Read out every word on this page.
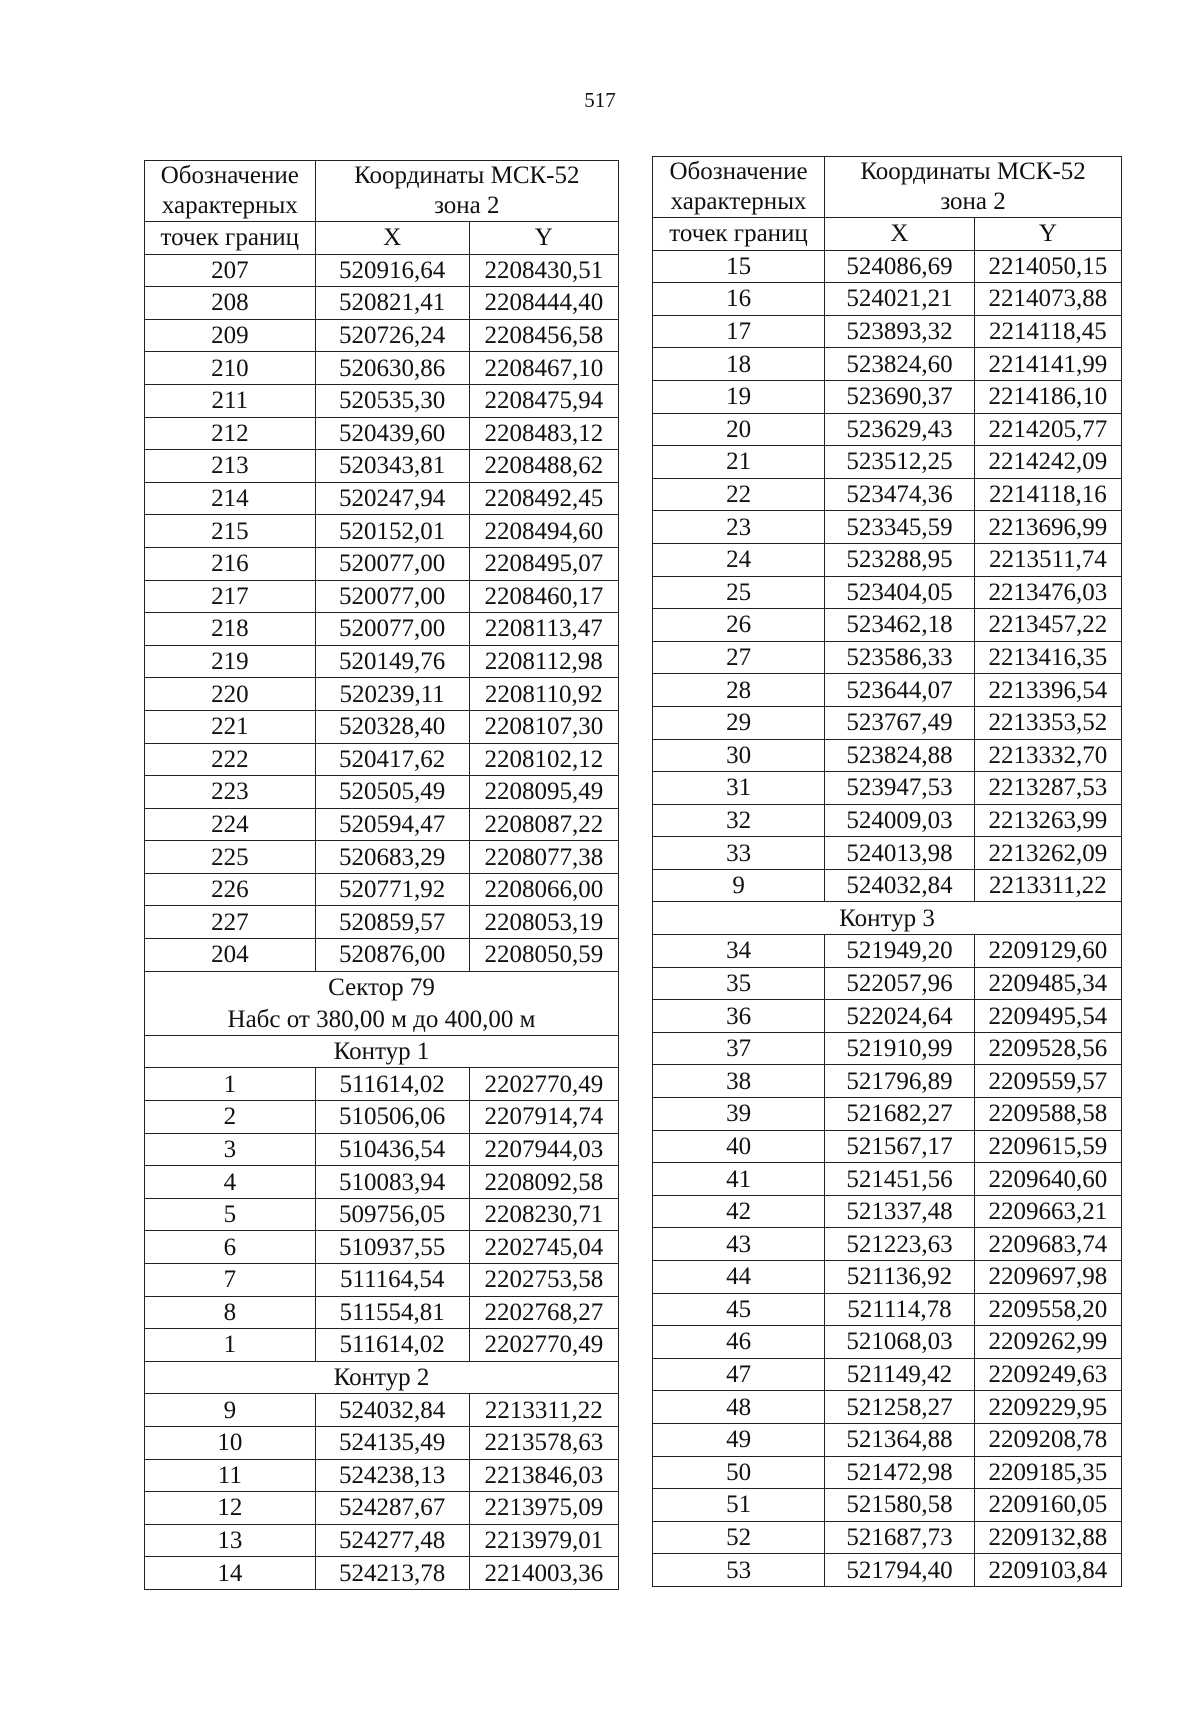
517
Обозначение
характерных	Координаты МСК-52
зона 2	

точек границ	X	Y
207	520916,64	2208430,51
208	520821,41	2208444,40
209	520726,24	2208456,58
210	520630,86	2208467,10
211	520535,30	2208475,94
212	520439,60	2208483,12
213	520343,81	2208488,62
214	520247,94	2208492,45
215	520152,01	2208494,60
216	520077,00	2208495,07
217	520077,00	2208460,17
218	520077,00	2208113,47
219	520149,76	2208112,98
220	520239,11	2208110,92
221	520328,40	2208107,30
222	520417,62	2208102,12
223	520505,49	2208095,49
224	520594,47	2208087,22
225	520683,29	2208077,38
226	520771,92	2208066,00
227	520859,57	2208053,19
204	520876,00	2208050,59
Сектор 79		
Набс от 380,00 м до 400,00 м		
Контур 1		
1	511614,02	2202770,49
2	510506,06	2207914,74
3	510436,54	2207944,03
4	510083,94	2208092,58
5	509756,05	2208230,71
6	510937,55	2202745,04
7	511164,54	2202753,58
8	511554,81	2202768,27
1	511614,02	2202770,49
Контур 2		
9	524032,84	2213311,22
10	524135,49	2213578,63
11	524238,13	2213846,03
12	524287,67	2213975,09
13	524277,48	2213979,01
14	524213,78	2214003,36
Обозначение
характерных	Координаты МСК-52
зона 2	

точек границ	X	Y
15	524086,69	2214050,15
16	524021,21	2214073,88
17	523893,32	2214118,45
18	523824,60	2214141,99
19	523690,37	2214186,10
20	523629,43	2214205,77
21	523512,25	2214242,09
22	523474,36	2214118,16
23	523345,59	2213696,99
24	523288,95	2213511,74
25	523404,05	2213476,03
26	523462,18	2213457,22
27	523586,33	2213416,35
28	523644,07	2213396,54
29	523767,49	2213353,52
30	523824,88	2213332,70
31	523947,53	2213287,53
32	524009,03	2213263,99
33	524013,98	2213262,09
9	524032,84	2213311,22
Контур 3		
34	521949,20	2209129,60
35	522057,96	2209485,34
36	522024,64	2209495,54
37	521910,99	2209528,56
38	521796,89	2209559,57
39	521682,27	2209588,58
40	521567,17	2209615,59
41	521451,56	2209640,60
42	521337,48	2209663,21
43	521223,63	2209683,74
44	521136,92	2209697,98
45	521114,78	2209558,20
46	521068,03	2209262,99
47	521149,42	2209249,63
48	521258,27	2209229,95
49	521364,88	2209208,78
50	521472,98	2209185,35
51	521580,58	2209160,05
52	521687,73	2209132,88
53	521794,40	2209103,84
